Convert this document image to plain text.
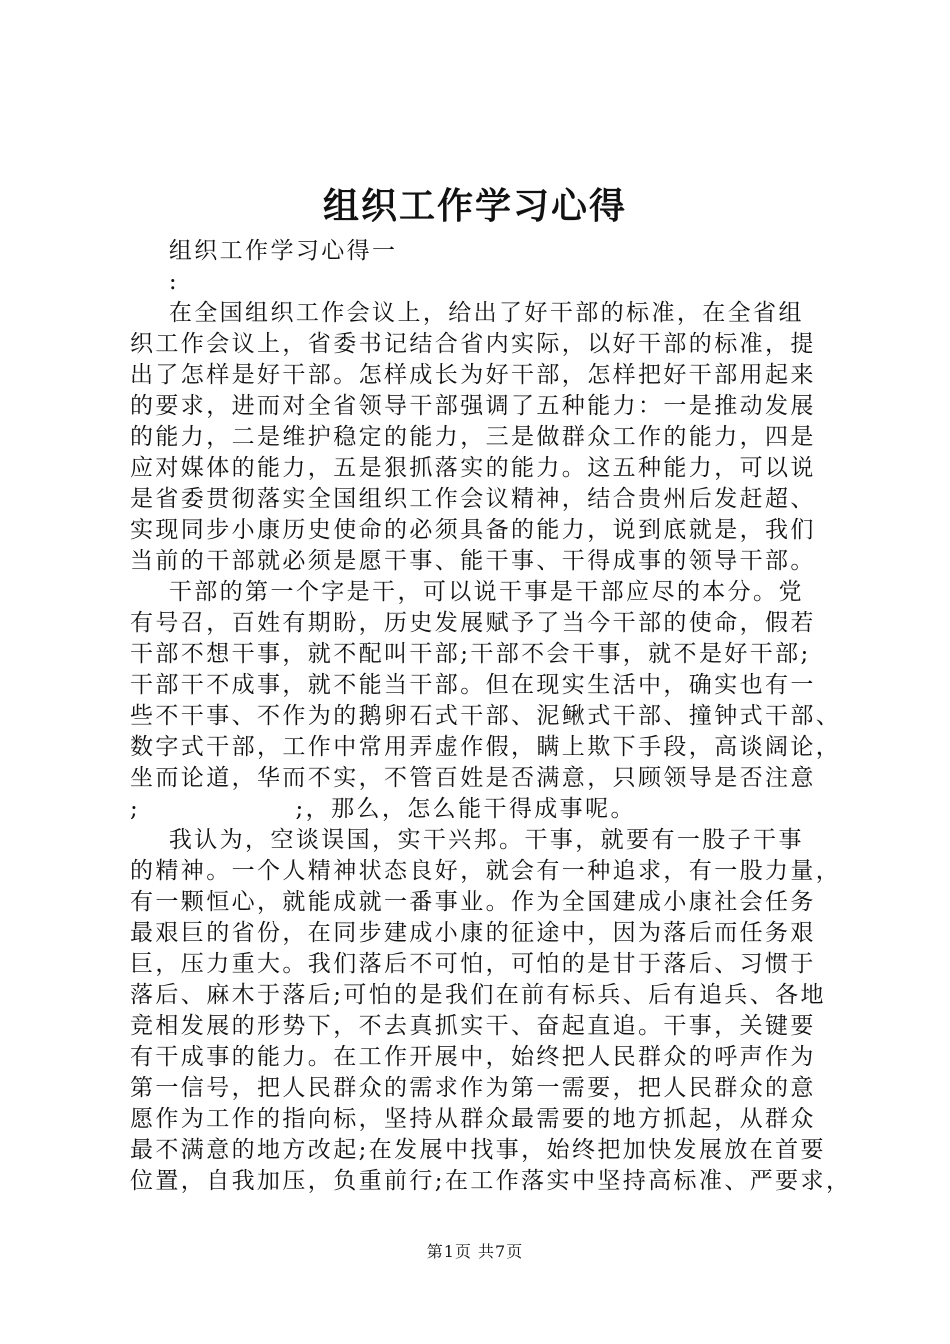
组织工作学习心得
组织工作学习心得一
:
在全国组织工作会议上，给出了好干部的标准，在全省组
织工作会议上，省委书记结合省内实际，以好干部的标准，提
出了怎样是好干部。怎样成长为好干部，怎样把好干部用起来
的要求，进而对全省领导干部强调了五种能力：一是推动发展
的能力，二是维护稳定的能力，三是做群众工作的能力，四是
应对媒体的能力，五是狠抓落实的能力。这五种能力，可以说
是省委贯彻落实全国组织工作会议精神，结合贵州后发赶超、
实现同步小康历史使命的必须具备的能力，说到底就是，我们
当前的干部就必须是愿干事、能干事、干得成事的领导干部。
干部的第一个字是干，可以说干事是干部应尽的本分。党
有号召，百姓有期盼，历史发展赋予了当今干部的使命，假若
干部不想干事，就不配叫干部;干部不会干事，就不是好干部;
干部干不成事，就不能当干部。但在现实生活中，确实也有一
些不干事、不作为的鹅卵石式干部、泥鳅式干部、撞钟式干部、
数字式干部，工作中常用弄虚作假，瞒上欺下手段，高谈阔论，
坐而论道，华而不实，不管百姓是否满意，只顾领导是否注意
;                ;，那么，怎么能干得成事呢。
我认为，空谈误国，实干兴邦。干事，就要有一股子干事
的精神。一个人精神状态良好，就会有一种追求，有一股力量，
有一颗恒心，就能成就一番事业。作为全国建成小康社会任务
最艰巨的省份，在同步建成小康的征途中，因为落后而任务艰
巨，压力重大。我们落后不可怕，可怕的是甘于落后、习惯于
落后、麻木于落后;可怕的是我们在前有标兵、后有追兵、各地
竞相发展的形势下，不去真抓实干、奋起直追。干事，关键要
有干成事的能力。在工作开展中，始终把人民群众的呼声作为
第一信号，把人民群众的需求作为第一需要，把人民群众的意
愿作为工作的指向标，坚持从群众最需要的地方抓起，从群众
最不满意的地方改起;在发展中找事，始终把加快发展放在首要
位置，自我加压，负重前行;在工作落实中坚持高标准、严要求，
第1页 共7页
